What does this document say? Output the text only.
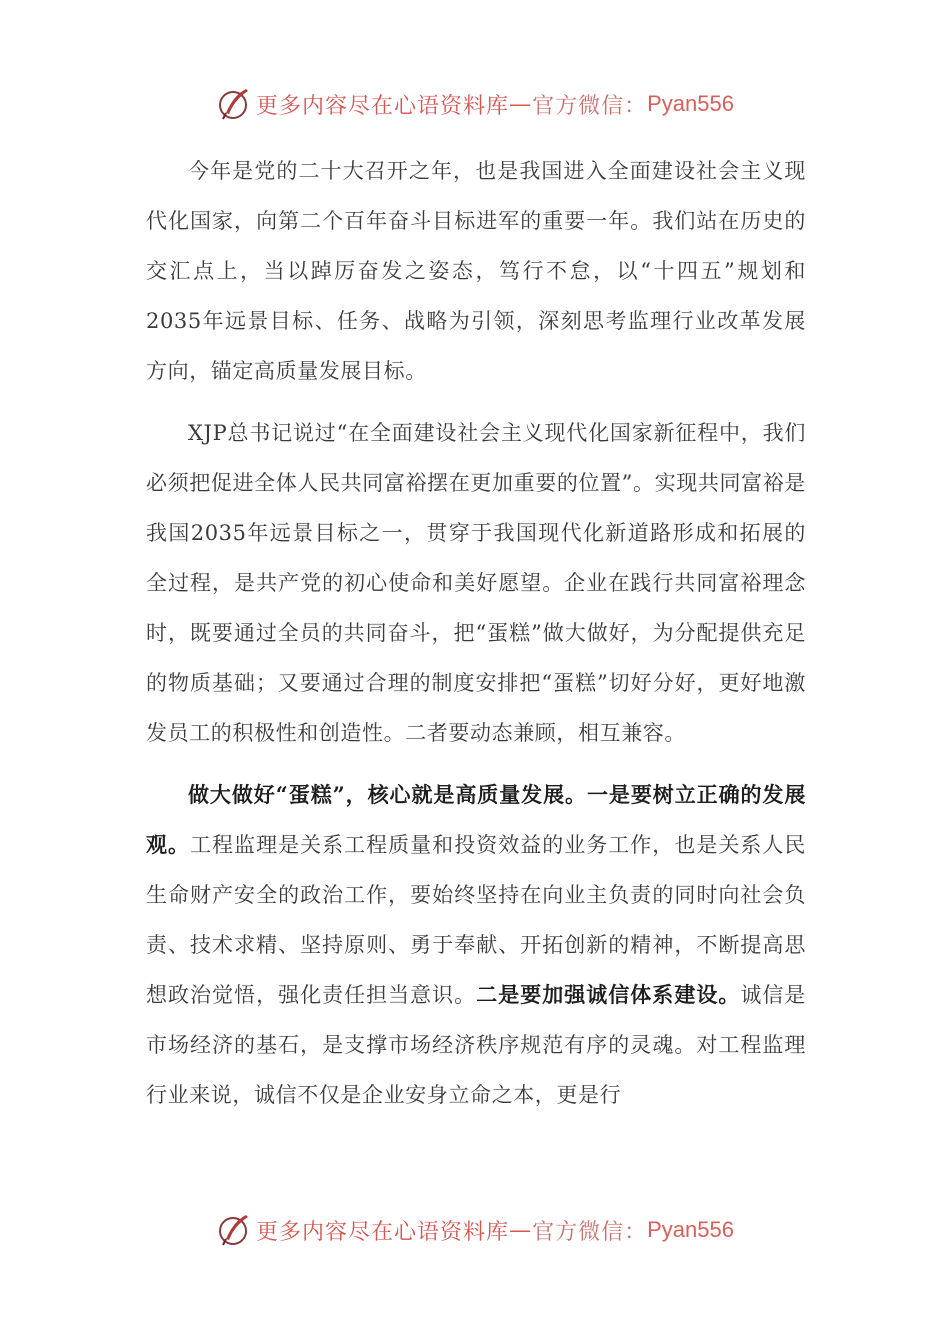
更多内容尽在心语资料库 — 官方微信： Pyan556

今年是党的二十大召开之年，也是我国进入全面建设社会主义现代化国家，向第二个百年奋斗目标进军的重要一年。我们站在历史的交汇点上，当以踔厉奋发之姿态，笃行不怠，以“十四五”规划和2035年远景目标、任务、战略为引领，深刻思考监理行业改革发展方向，锚定高质量发展目标。

XJP总书记说过“在全面建设社会主义现代化国家新征程中，我们必须把促进全体人民共同富裕摆在更加重要的位置”。实现共同富裕是我国2035年远景目标之一，贯穿于我国现代化新道路形成和拓展的全过程，是共产党的初心使命和美好愿望。企业在践行共同富裕理念时，既要通过全员的共同奋斗，把“蛋糕”做大做好，为分配提供充足的物质基础；又要通过合理的制度安排把“蛋糕”切好分好，更好地激发员工的积极性和创造性。二者要动态兼顾，相互兼容。

做大做好“蛋糕”，核心就是高质量发展。一是要树立正确的发展观。工程监理是关系工程质量和投资效益的业务工作，也是关系人民生命财产安全的政治工作，要始终坚持在向业主负责的同时向社会负责、技术求精、坚持原则、勇于奉献、开拓创新的精神，不断提高思想政治觉悟，强化责任担当意识。二是要加强诚信体系建设。诚信是市场经济的基石，是支撑市场经济秩序规范有序的灵魂。对工程监理行业来说，诚信不仅是企业安身立命之本，更是行

更多内容尽在心语资料库 — 官方微信： Pyan556
